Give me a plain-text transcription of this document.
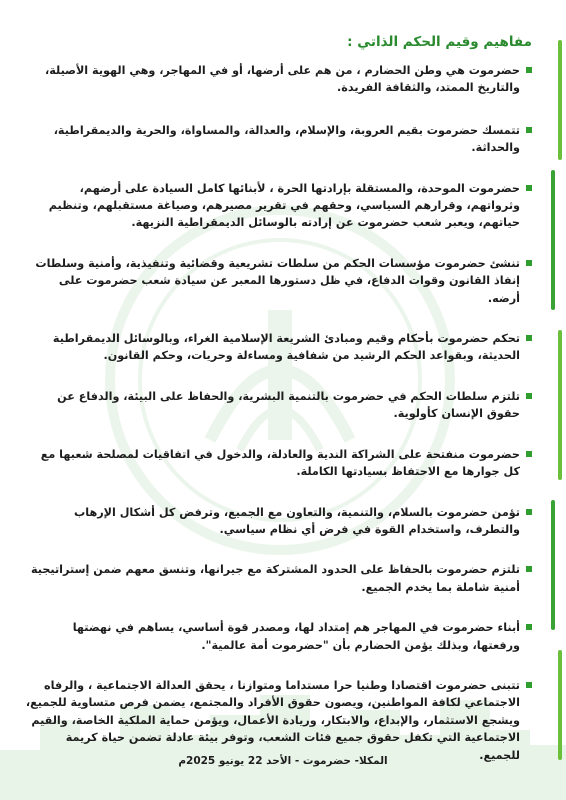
مفاهيم وقيم الحكم الذاتي :
حضرموت هي وطن الحضارم ، من هم على أرضها، أو في المهاجر، وهي الهوية الأصيلة، والتاريخ الممتد، والثقافة الفريدة.
تتمسك حضرموت بقيم العروبة، والإسلام، والعدالة، والمساواة، والحرية والديمقراطية، والحداثة.
حضرموت الموحدة، والمستقلة بإرادتها الحرة ، لأبنائها كامل السيادة على أرضهم، وثرواتهم، وقرارهم السياسي، وحقهم في تقرير مصيرهم، وصياغة مستقبلهم، وتنظيم حياتهم، ويعبر شعب حضرموت عن إرادته بالوسائل الديمقراطية النزيهة.
تنشئ حضرموت مؤسسات الحكم من سلطات تشريعية وقضائية وتنفيذية، وأمنية وسلطات إنفاذ القانون وقوات الدفاع، في ظل دستورها المعبر عن سيادة شعب حضرموت على أرضه.
تحكم حضرموت بأحكام وقيم ومبادئ الشريعة الإسلامية الغراء، وبالوسائل الديمقراطية الحديثة، وبقواعد الحكم الرشيد من شفافية ومساءلة وحريات، وحكم القانون.
تلتزم سلطات الحكم في حضرموت بالتنمية البشرية، والحفاظ على البيئة، والدفاع عن حقوق الإنسان كأولوية.
حضرموت منفتحة على الشراكة الندية والعادلة، والدخول في اتفاقيات لمصلحة شعبها مع كل جوارها مع الاحتفاظ بسيادتها الكاملة.
تؤمن حضرموت بالسلام، والتنمية، والتعاون مع الجميع، وترفض كل أشكال الإرهاب والتطرف، واستخدام القوة في فرض أي نظام سياسي.
تلتزم حضرموت بالحفاظ على الحدود المشتركة مع جيرانها، وتنسق معهم ضمن إستراتيجية أمنية شاملة بما يخدم الجميع.
أبناء حضرموت في المهاجر هم إمتداد لها، ومصدر قوة أساسي، يساهم في نهضتها ورفعتها، وبذلك يؤمن الحضارم بأن "حضرموت أمة عالمية".
تتبنى حضرموت اقتصادا وطنيا حرا مستداما ومتوازنا ، يحقق العدالة الاجتماعية ، والرفاه الاجتماعي لكافة المواطنين، ويصون حقوق الأفراد والمجتمع، يضمن فرص متساوية للجميع، ويشجع الاستثمار، والإبداع، والابتكار، وريادة الأعمال، ويؤمن حماية الملكية الخاصة، والقيم الاجتماعية التي تكفل حقوق جميع فئات الشعب، وتوفر بيئة عادلة تضمن حياة كريمة للجميع.
المكلا- حضرموت - الأحد 22 يونيو 2025م
